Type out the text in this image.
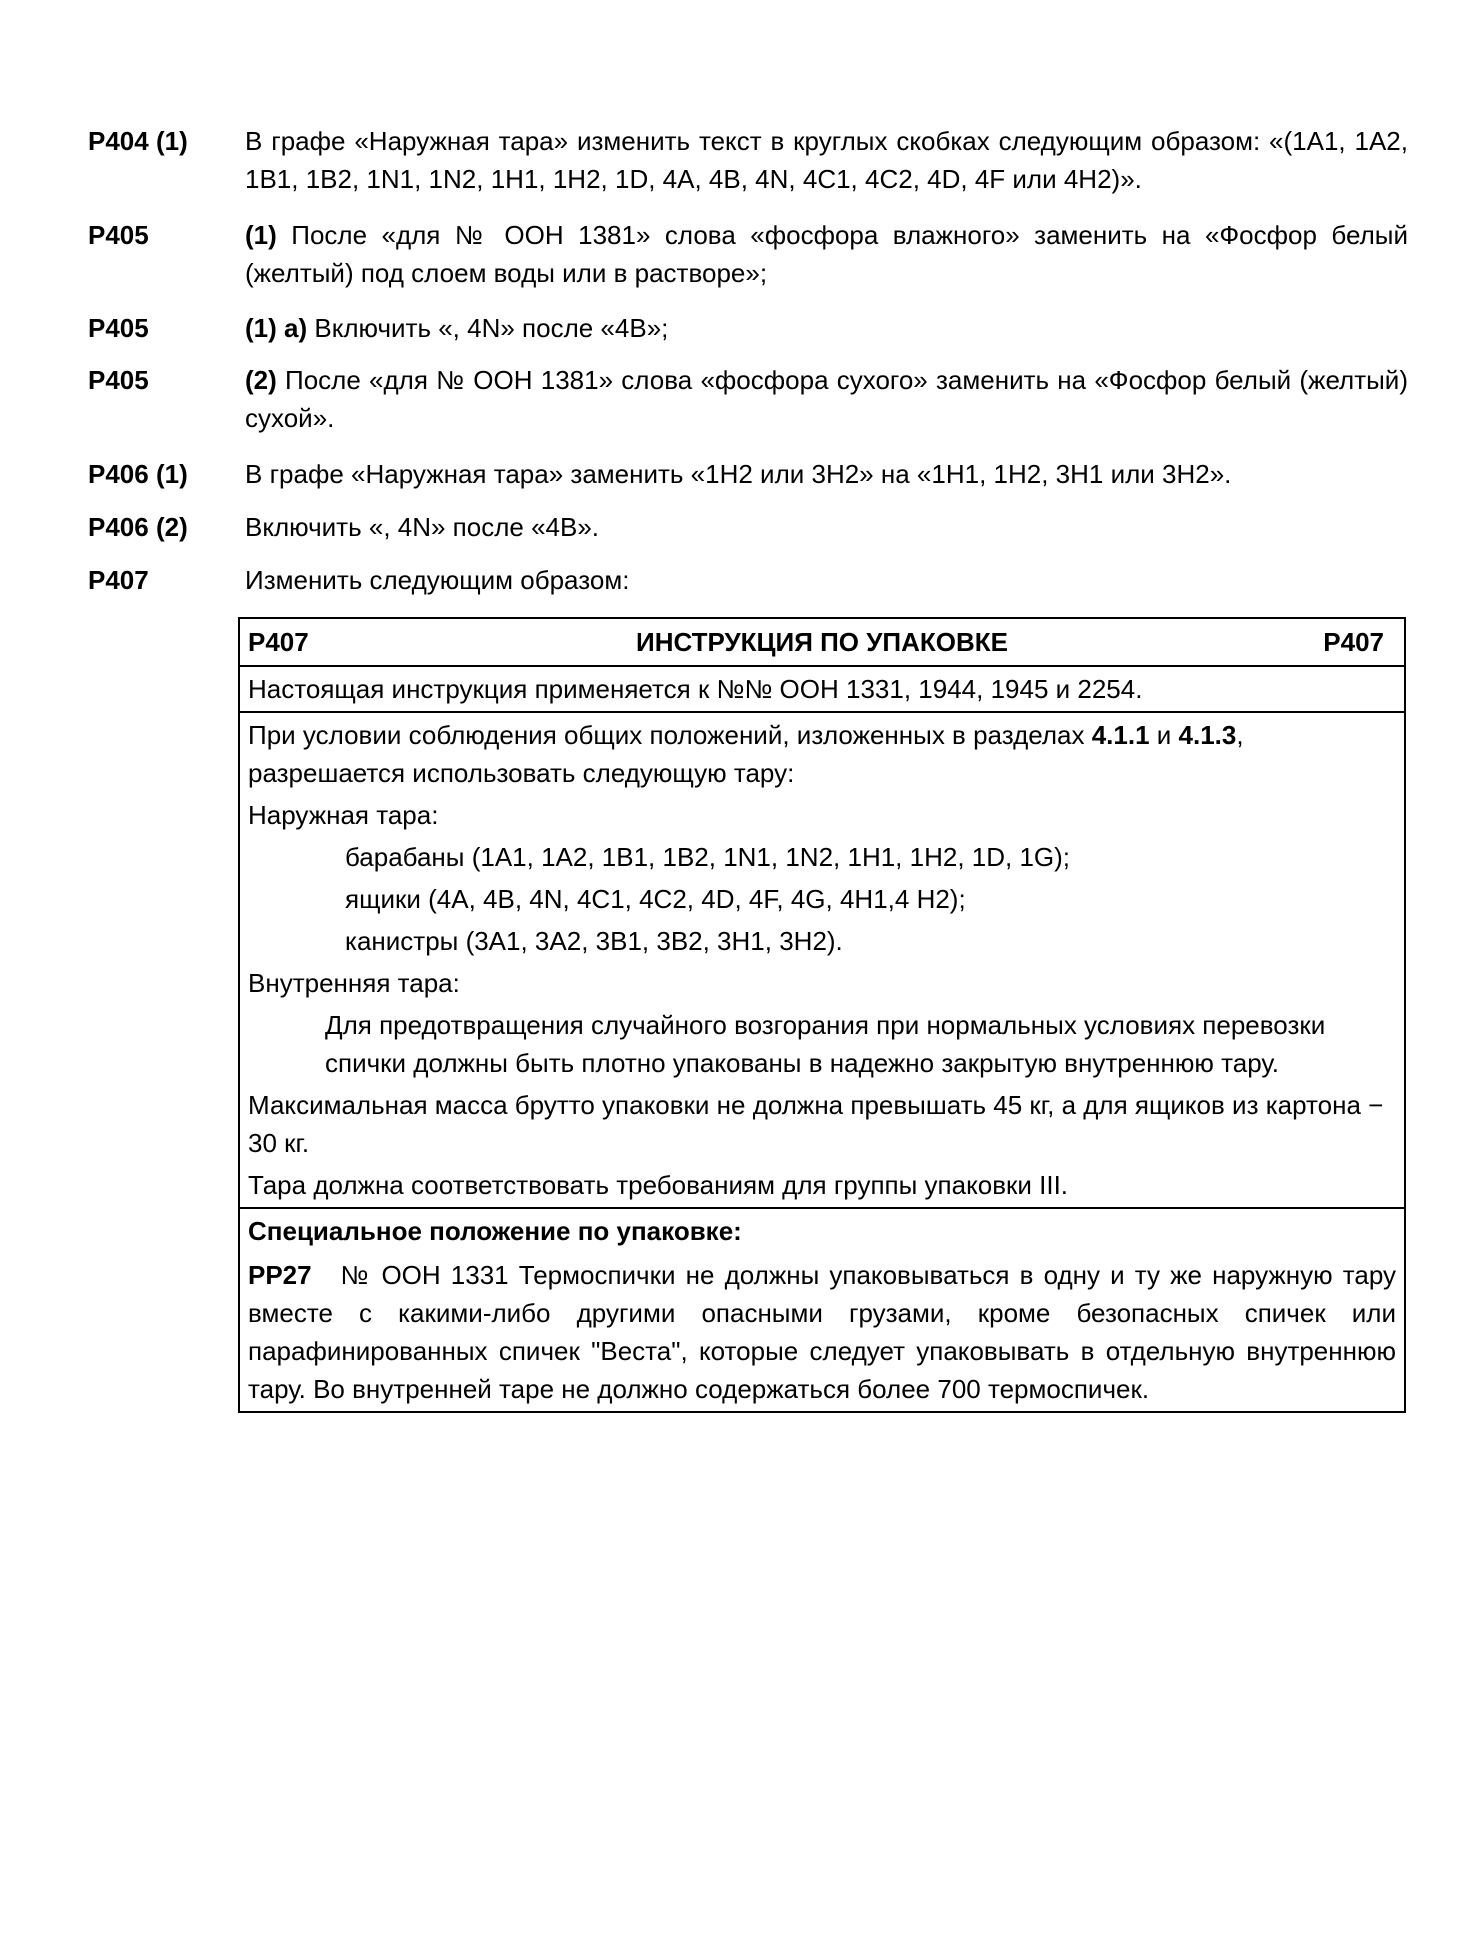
P404 (1)	В графе «Наружная тара» изменить текст в круглых скобках следующим образом: «(1A1, 1A2, 1B1, 1B2, 1N1, 1N2, 1H1, 1H2, 1D, 4A, 4B, 4N, 4C1, 4C2, 4D, 4F или 4H2)».
P405	(1) После «для № ООН 1381» слова «фосфора влажного» заменить на «Фосфор белый (желтый) под слоем воды или в растворе»;
P405	(1) a) Включить «, 4N» после «4B»;
P405	(2) После «для № ООН 1381» слова «фосфора сухого» заменить на «Фосфор белый (желтый) сухой».
P406 (1)	В графе «Наружная тара» заменить «1H2 или 3H2» на «1H1, 1H2, 3H1 или 3H2».
P406 (2)	Включить «, 4N» после «4B».
P407	Изменить следующим образом:
P407	ИНСТРУКЦИЯ ПО УПАКОВКЕ	P407
Настоящая инструкция применяется к №№ ООН 1331, 1944, 1945 и 2254.
При условии соблюдения общих положений, изложенных в разделах 4.1.1 и 4.1.3, разрешается использовать следующую тару:
Наружная тара:
барабаны (1A1, 1A2, 1B1, 1B2, 1N1, 1N2, 1H1, 1H2, 1D, 1G);
ящики (4A, 4B, 4N, 4C1, 4C2, 4D, 4F, 4G, 4H1,4 H2);
канистры (3A1, 3A2, 3B1, 3B2, 3H1, 3H2).
Внутренняя тара:
Для предотвращения случайного возгорания при нормальных условиях перевозки спички должны быть плотно упакованы в надежно закрытую внутреннюю тару.
Максимальная масса брутто упаковки не должна превышать 45 кг, а для ящиков из картона − 30 кг.
Тара должна соответствовать требованиям для группы упаковки III.
Специальное положение по упаковке:
PP27 № ООН 1331 Термоспички не должны упаковываться в одну и ту же наружную тару вместе с какими-либо другими опасными грузами, кроме безопасных спичек или парафинированных спичек "Веста", которые следует упаковывать в отдельную внутреннюю тару. Во внутренней таре не должно содержаться более 700 термоспичек.
